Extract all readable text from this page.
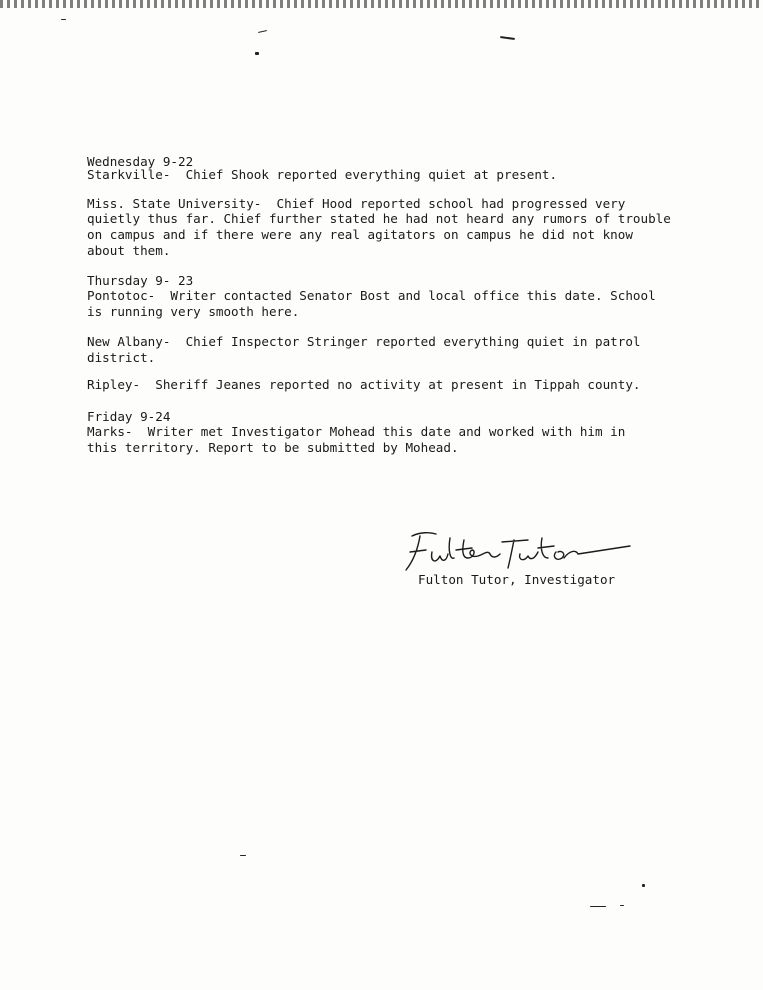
Wednesday 9-22
Starkville-  Chief Shook reported everything quiet at present.
Miss. State University-  Chief Hood reported school had progressed very
quietly thus far. Chief further stated he had not heard any rumors of trouble
on campus and if there were any real agitators on campus he did not know
about them.
Thursday 9- 23
Pontotoc-  Writer contacted Senator Bost and local office this date. School
is running very smooth here.
New Albany-  Chief Inspector Stringer reported everything quiet in patrol
district.
Ripley-  Sheriff Jeanes reported no activity at present in Tippah county.
Friday 9-24
Marks-  Writer met Investigator Mohead this date and worked with him in
this territory. Report to be submitted by Mohead.
Fulton Tutor, Investigator
